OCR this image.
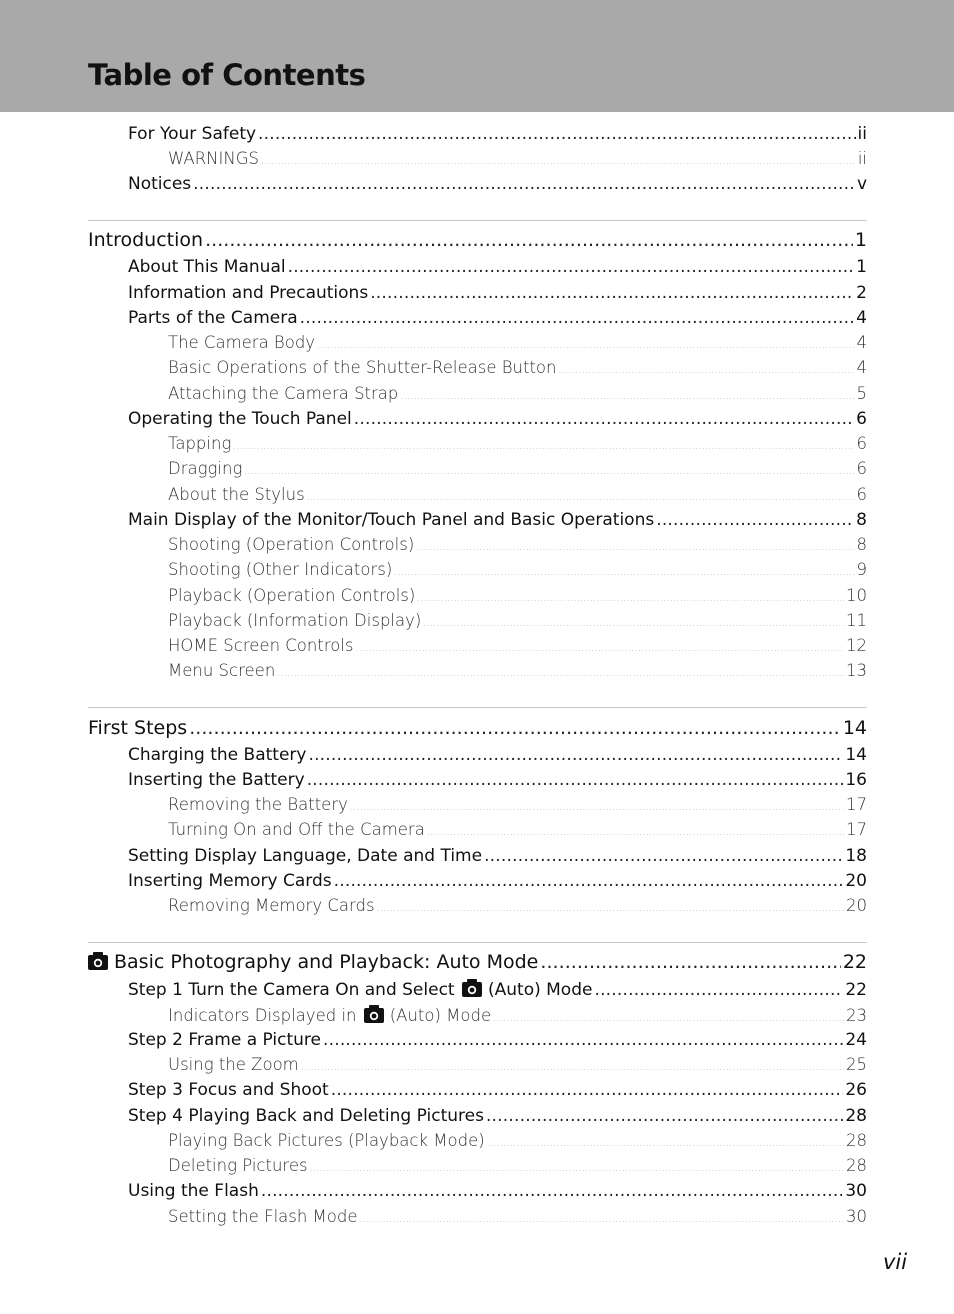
Table of Contents
For Your Safety . . .	ii
WARNINGS . . .	ii
Notices . . .	v
Introduction . . .	1
About This Manual . . .	1
Information and Precautions . . .	2
Parts of the Camera . . .	4
The Camera Body . . .	4
Basic Operations of the Shutter-Release Button . . .	4
Attaching the Camera Strap . . .	5
Operating the Touch Panel . . .	6
Tapping . . .	6
Dragging . . .	6
About the Stylus . . .	6
Main Display of the Monitor/Touch Panel and Basic Operations . . .	8
Shooting (Operation Controls) . . .	8
Shooting (Other Indicators) . . .	9
Playback (Operation Controls) . . .	10
Playback (Information Display) . . .	11
HOME Screen Controls . . .	12
Menu Screen . . .	13
First Steps . . .	14
Charging the Battery . . .	14
Inserting the Battery . . .	16
Removing the Battery . . .	17
Turning On and Off the Camera . . .	17
Setting Display Language, Date and Time . . .	18
Inserting Memory Cards . . .	20
Removing Memory Cards . . .	20
Basic Photography and Playback: Auto Mode . . .	22
Step 1 Turn the Camera On and Select (Auto) Mode . . .	22
Indicators Displayed in (Auto) Mode . . .	23
Step 2 Frame a Picture . . .	24
Using the Zoom . . .	25
Step 3 Focus and Shoot . . .	26
Step 4 Playing Back and Deleting Pictures . . .	28
Playing Back Pictures (Playback Mode) . . .	28
Deleting Pictures . . .	28
Using the Flash . . .	30
Setting the Flash Mode . . .	30
vii
